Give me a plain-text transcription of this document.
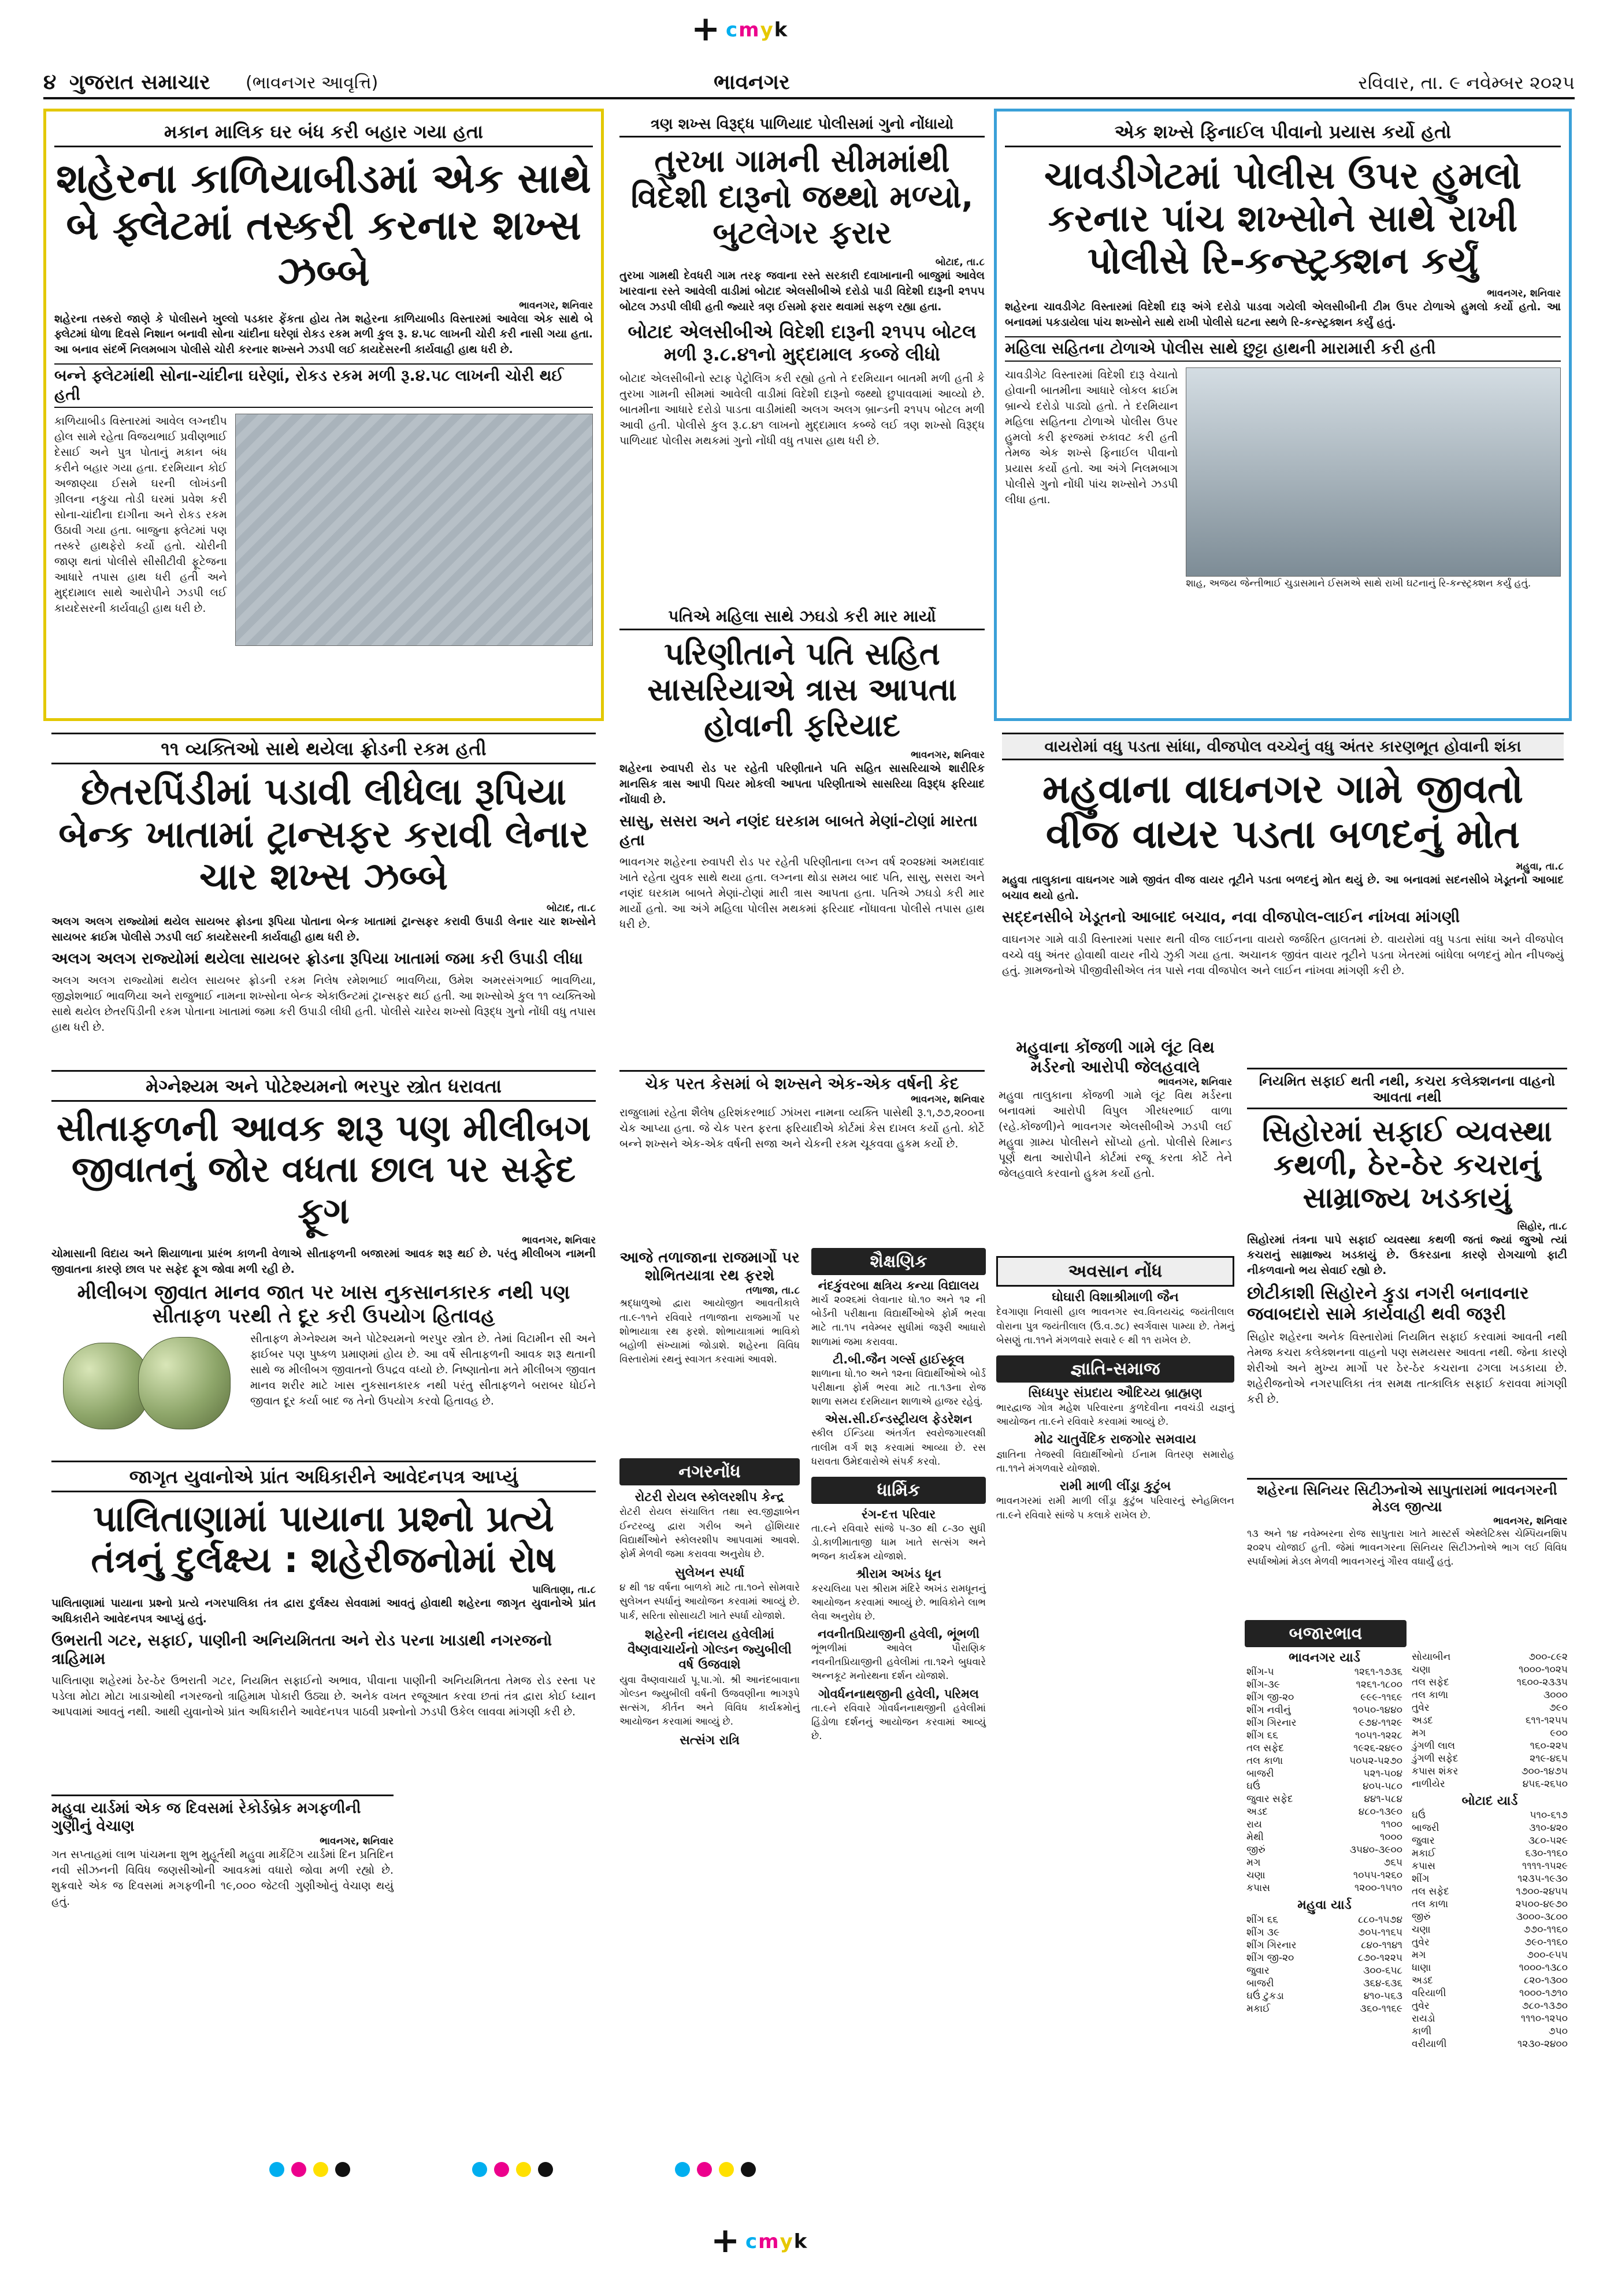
+ cmyk
૪ ગુજરાત સમાચાર (ભાવનગર આવૃત્તિ)	ભાવનગર	રવિવાર, તા. ૯ નવેમ્બર ૨૦૨૫
મકાન માલિક ઘર બંધ કરી બહાર ગયા હતા
શહેરના કાળિયાબીડમાં એક સાથે બે ફ્લેટમાં તસ્કરી કરનાર શખ્સ ઝબ્બે
ભાવનગર, શનિવાર
શહેરના તસ્કરો જાણે કે પોલીસને ખુલ્લો પડકાર ફેંકતા હોય તેમ શહેરના કાળિયાબીડ વિસ્તારમાં આવેલા એક સાથે બે ફ્લેટમાં ધોળા દિવસે નિશાન બનાવી સોના ચાંદીના ઘરેણાં રોકડ રકમ મળી કુલ રૂ. ૪.૫૮ લાખની ચોરી કરી નાસી ગયા હતા. આ બનાવ સંદર્ભે નિલમબાગ પોલીસે ચોરી કરનાર શખ્સને ઝડપી લઈ કાયદેસરની કાર્યવાહી હાથ ધરી છે.
બન્ને ફ્લેટમાંથી સોના-ચાંદીના ઘરેણાં, રોકડ રકમ મળી રૂ.૪.૫૮ લાખની ચોરી થઈ હતી
કાળિયાબીડ વિસ્તારમાં આવેલ લગ્નદીપ હોલ સામે રહેતા વિજયભાઈ પ્રવીણભાઈ દેસાઈ અને પુત્ર પોતાનું મકાન બંધ કરીને બહાર ગયા હતા. દરમિયાન કોઈ અજાણ્યા ઈસમે ઘરની લોખંડની ગ્રીલના નકુચા તોડી ઘરમાં પ્રવેશ કરી સોના-ચાંદીના દાગીના અને રોકડ રકમ ઉઠાવી ગયા હતા. બાજુના ફ્લેટમાં પણ તસ્કરે હાથફેરો કર્યો હતો. ચોરીની જાણ થતાં પોલીસે સીસીટીવી ફૂટેજના આધારે તપાસ હાથ ધરી હતી અને મુદ્દામાલ સાથે આરોપીને ઝડપી લઈ કાયદેસરની કાર્યવાહી હાથ ધરી છે.
ત્રણ શખ્સ વિરૂદ્ધ પાળિયાદ પોલીસમાં ગુનો નોંધાયો
તુરખા ગામની સીમમાંથી વિદેશી દારૂનો જથ્થો મળ્યો, બુટલેગર ફરાર
બોટાદ, તા.૮
તુરખા ગામથી દેવધરી ગામ તરફ જવાના રસ્તે સરકારી દવાખાનાની બાજુમાં આવેલ ખારવાના રસ્તે આવેલી વાડીમાં બોટાદ એલસીબીએ દરોડો પાડી વિદેશી દારૂની ૨૧૫૫ બોટલ ઝડપી લીધી હતી જ્યારે ત્રણ ઈસમો ફરાર થવામાં સફળ રહ્યા હતા.
બોટાદ એલસીબીએ વિદેશી દારૂની ૨૧૫૫ બોટલ મળી રૂ.૮.૪૧નો મુદ્દામાલ કબ્જે લીધો
બોટાદ એલસીબીનો સ્ટાફ પેટ્રોલિંગ કરી રહ્યો હતો તે દરમિયાન બાતમી મળી હતી કે તુરખા ગામની સીમમાં આવેલી વાડીમાં વિદેશી દારૂનો જથ્થો છુપાવવામાં આવ્યો છે. બાતમીના આધારે દરોડો પાડતા વાડીમાંથી અલગ અલગ બ્રાન્ડની ૨૧૫૫ બોટલ મળી આવી હતી. પોલીસે કુલ રૂ.૮.૪૧ લાખનો મુદ્દામાલ કબ્જે લઈ ત્રણ શખ્સો વિરૂદ્ધ પાળિયાદ પોલીસ મથકમાં ગુનો નોંધી વધુ તપાસ હાથ ધરી છે.
એક શખ્સે ફિનાઈલ પીવાનો પ્રયાસ કર્યો હતો
ચાવડીગેટમાં પોલીસ ઉપર હુમલો કરનાર પાંચ શખ્સોને સાથે રાખી પોલીસે રિ-કન્સ્ટ્રક્શન કર્યું
ભાવનગર, શનિવાર
શહેરના ચાવડીગેટ વિસ્તારમાં વિદેશી દારૂ અંગે દરોડો પાડવા ગયેલી એલસીબીની ટીમ ઉપર ટોળાએ હુમલો કર્યો હતો. આ બનાવમાં પકડાયેલા પાંચ શખ્સોને સાથે રાખી પોલીસે ઘટના સ્થળે રિ-કન્સ્ટ્રક્શન કર્યું હતું.
મહિલા સહિતના ટોળાએ પોલીસ સાથે છુટ્ટા હાથની મારામારી કરી હતી
ચાવડીગેટ વિસ્તારમાં વિદેશી દારૂ વેચાતો હોવાની બાતમીના આધારે લોકલ ક્રાઈમ બ્રાન્ચે દરોડો પાડ્યો હતો. તે દરમિયાન મહિલા સહિતના ટોળાએ પોલીસ ઉપર હુમલો કરી ફરજમાં રુકાવટ કરી હતી તેમજ એક શખ્સે ફિનાઈલ પીવાનો પ્રયાસ કર્યો હતો. આ અંગે નિલમબાગ પોલીસે ગુનો નોંધી પાંચ શખ્સોને ઝડપી લીધા હતા.
શાહ, અજય જેન્તીભાઈ ચુડાસમાને ઈસમએ સાથે રાખી ઘટનાનું રિ-કન્સ્ટ્રક્શન કર્યું હતું.
૧૧ વ્યક્તિઓ સાથે થયેલા ફ્રોડની રકમ હતી
છેતરપિંડીમાં પડાવી લીધેલા રૂપિયા બેન્ક ખાતામાં ટ્રાન્સફર કરાવી લેનાર ચાર શખ્સ ઝબ્બે
બોટાદ, તા.૮
અલગ અલગ રાજ્યોમાં થયેલ સાયબર ફ્રોડના રૂપિયા પોતાના બેન્ક ખાતામાં ટ્રાન્સફર કરાવી ઉપાડી લેનાર ચાર શખ્સોને સાયબર ક્રાઈમ પોલીસે ઝડપી લઈ કાયદેસરની કાર્યવાહી હાથ ધરી છે.
અલગ અલગ રાજ્યોમાં થયેલા સાયબર ફ્રોડના રૂપિયા ખાતામાં જમા કરી ઉપાડી લીધા
અલગ અલગ રાજ્યોમાં થયેલ સાયબર ફ્રોડની રકમ નિલેષ રમેશભાઈ ભાવળિયા, ઉમેશ અમરસંગભાઈ ભાવળિયા, જીજ્ઞેશભાઈ ભાવળિયા અને રાજુભાઈ નામના શખ્સોના બેન્ક એકાઉન્ટમાં ટ્રાન્સફર થઈ હતી. આ શખ્સોએ કુલ ૧૧ વ્યક્તિઓ સાથે થયેલ છેતરપિંડીની રકમ પોતાના ખાતામાં જમા કરી ઉપાડી લીધી હતી. પોલીસે ચારેય શખ્સો વિરૂદ્ધ ગુનો નોંધી વધુ તપાસ હાથ ધરી છે.
પતિએ મહિલા સાથે ઝઘડો કરી માર માર્યો
પરિણીતાને પતિ સહિત સાસરિયાએ ત્રાસ આપતા હોવાની ફરિયાદ
ભાવનગર, શનિવાર
શહેરના રુવાપરી રોડ પર રહેતી પરિણીતાને પતિ સહિત સાસરિયાએ શારીરિક માનસિક ત્રાસ આપી પિયર મોકલી આપતા પરિણીતાએ સાસરિયા વિરૂદ્ધ ફરિયાદ નોંધાવી છે.
સાસુ, સસરા અને નણંદ ઘરકામ બાબતે મેણાં-ટોણાં મારતા હતા
ભાવનગર શહેરના રુવાપરી રોડ પર રહેતી પરિણીતાના લગ્ન વર્ષ ૨૦૨૪માં અમદાવાદ ખાતે રહેતા યુવક સાથે થયા હતા. લગ્નના થોડા સમય બાદ પતિ, સાસુ, સસરા અને નણંદ ઘરકામ બાબતે મેણાં-ટોણાં મારી ત્રાસ આપતા હતા. પતિએ ઝઘડો કરી માર માર્યો હતો. આ અંગે મહિલા પોલીસ મથકમાં ફરિયાદ નોંધાવતા પોલીસે તપાસ હાથ ધરી છે.
વાયરોમાં વધુ પડતા સાંધા, વીજપોલ વચ્ચેનું વધુ અંતર કારણભૂત હોવાની શંકા
મહુવાના વાઘનગર ગામે જીવતો વીજ વાયર પડતા બળદનું મોત
મહુવા, તા.૮
મહુવા તાલુકાના વાઘનગર ગામે જીવંત વીજ વાયર તૂટીને પડતા બળદનું મોત થયું છે. આ બનાવમાં સદનસીબે ખેડૂતનો આબાદ બચાવ થયો હતો.
સદ્દનસીબે ખેડૂતનો આબાદ બચાવ, નવા વીજપોલ-લાઈન નાંખવા માંગણી
વાઘનગર ગામે વાડી વિસ્તારમાં પસાર થતી વીજ લાઈનના વાયરો જર્જરિત હાલતમાં છે. વાયરોમાં વધુ પડતા સાંધા અને વીજપોલ વચ્ચે વધુ અંતર હોવાથી વાયર નીચે ઝુકી ગયા હતા. અચાનક જીવંત વાયર તૂટીને પડતા ખેતરમાં બાંધેલા બળદનું મોત નીપજ્યું હતું. ગ્રામજનોએ પીજીવીસીએલ તંત્ર પાસે નવા વીજપોલ અને લાઈન નાંખવા માંગણી કરી છે.
મહુવાના કોંજળી ગામે લૂંટ વિથ મર્ડરનો આરોપી જેલહવાલે
ભાવનગર, શનિવાર
મહુવા તાલુકાના કોંજળી ગામે લૂંટ વિથ મર્ડરના બનાવમાં આરોપી વિપુલ ગીરધરભાઈ વાળા (રહે.કોંજળી)ને ભાવનગર એલસીબીએ ઝડપી લઈ મહુવા ગ્રામ્ય પોલીસને સોંપ્યો હતો. પોલીસે રિમાન્ડ પૂર્ણ થતા આરોપીને કોર્ટમાં રજૂ કરતા કોર્ટે તેને જેલહવાલે કરવાનો હુકમ કર્યો હતો.
નિયમિત સફાઈ થતી નથી, કચરા કલેક્શનના વાહનો આવતા નથી
સિહોરમાં સફાઈ વ્યવસ્થા કથળી, ઠેર-ઠેર કચરાનું સામ્રાજ્ય ખડકાયું
સિહોર, તા.૮
સિહોરમાં તંત્રના પાપે સફાઈ વ્યવસ્થા કથળી જતાં જ્યાં જુઓ ત્યાં કચરાનું સામ્રાજ્ય ખડકાયું છે. ઉકરડાના કારણે રોગચાળો ફાટી નીકળવાનો ભય સેવાઈ રહ્યો છે.
છોટીકાશી સિહોરને કુડા નગરી બનાવનાર જવાબદારો સામે કાર્યવાહી થવી જરૂરી
સિહોર શહેરના અનેક વિસ્તારોમાં નિયમિત સફાઈ કરવામાં આવતી નથી તેમજ કચરા કલેક્શનના વાહનો પણ સમયસર આવતા નથી. જેના કારણે શેરીઓ અને મુખ્ય માર્ગો પર ઠેર-ઠેર કચરાના ઢગલા ખડકાયા છે. શહેરીજનોએ નગરપાલિકા તંત્ર સમક્ષ તાત્કાલિક સફાઈ કરાવવા માંગણી કરી છે.
મેગ્નેશ્યમ અને પોટેશ્યમનો ભરપુર સ્ત્રોત ધરાવતા
સીતાફળની આવક શરૂ પણ મીલીબગ જીવાતનું જોર વધતા છાલ પર સફેદ ફૂગ
ભાવનગર, શનિવાર
ચોમાસાની વિદાય અને શિયાળાના પ્રારંભ કાળની વેળાએ સીતાફળની બજારમાં આવક શરૂ થઈ છે. પરંતુ મીલીબગ નામની જીવાતના કારણે છાલ પર સફેદ ફૂગ જોવા મળી રહી છે.
મીલીબગ જીવાત માનવ જાત પર ખાસ નુકસાનકારક નથી પણ સીતાફળ પરથી તે દૂર કરી ઉપયોગ હિતાવહ
સીતાફળ મેગ્નેશ્યમ અને પોટેશ્યમનો ભરપુર સ્ત્રોત છે. તેમાં વિટામીન સી અને ફાઈબર પણ પુષ્કળ પ્રમાણમાં હોય છે. આ વર્ષે સીતાફળની આવક શરૂ થતાની સાથે જ મીલીબગ જીવાતનો ઉપદ્રવ વધ્યો છે. નિષ્ણાતોના મતે મીલીબગ જીવાત માનવ શરીર માટે ખાસ નુકસાનકારક નથી પરંતુ સીતાફળને બરાબર ધોઈને જીવાત દૂર કર્યા બાદ જ તેનો ઉપયોગ કરવો હિતાવહ છે.
જાગૃત યુવાનોએ પ્રાંત અધિકારીને આવેદનપત્ર આપ્યું
પાલિતાણામાં પાયાના પ્રશ્નો પ્રત્યે તંત્રનું દુર્લક્ષ્ય : શહેરીજનોમાં રોષ
પાલિતાણા, તા.૮
પાલિતાણામાં પાયાના પ્રશ્નો પ્રત્યે નગરપાલિકા તંત્ર દ્વારા દુર્લક્ષ્ય સેવવામાં આવતું હોવાથી શહેરના જાગૃત યુવાનોએ પ્રાંત અધિકારીને આવેદનપત્ર આપ્યું હતું.
ઉભરાતી ગટર, સફાઈ, પાણીની અનિયમિતતા અને રોડ પરના ખાડાથી નગરજનો ત્રાહિમામ
પાલિતાણા શહેરમાં ઠેર-ઠેર ઉભરાતી ગટર, નિયમિત સફાઈનો અભાવ, પીવાના પાણીની અનિયમિતતા તેમજ રોડ રસ્તા પર પડેલા મોટા મોટા ખાડાઓથી નગરજનો ત્રાહિમામ પોકારી ઉઠ્યા છે. અનેક વખત રજૂઆત કરવા છતાં તંત્ર દ્વારા કોઈ ધ્યાન આપવામાં આવતું નથી. આથી યુવાનોએ પ્રાંત અધિકારીને આવેદનપત્ર પાઠવી પ્રશ્નોનો ઝડપી ઉકેલ લાવવા માંગણી કરી છે.
મહુવા યાર્ડમાં એક જ દિવસમાં રેકોર્ડબ્રેક મગફળીની ગુણીનું વેચાણ
ભાવનગર, શનિવાર
ગત સપ્તાહમાં લાભ પાંચમના શુભ મુહૂર્તથી મહુવા માર્કેટિંગ યાર્ડમાં દિન પ્રતિદિન નવી સીઝનની વિવિધ જણસીઓની આવકમાં વધારો જોવા મળી રહ્યો છે. શુક્રવારે એક જ દિવસમાં મગફળીની ૧૯,૦૦૦ જેટલી ગુણીઓનું વેચાણ થયું હતું.
ચેક પરત કેસમાં બે શખ્સને એક-એક વર્ષની કેદ
ભાવનગર, શનિવાર
રાજુલામાં રહેતા શૈલેષ હરિશંકરભાઈ ઝાંખરા નામના વ્યક્તિ પાસેથી રૂ.૧,૭૭,૨૦૦ના ચેક આપ્યા હતા. જે ચેક પરત ફરતા ફરિયાદીએ કોર્ટમાં કેસ દાખલ કર્યો હતો. કોર્ટે બન્ને શખ્સને એક-એક વર્ષની સજા અને ચેકની રકમ ચૂકવવા હુકમ કર્યો છે.
આજે તળાજાના રાજમાર્ગો પર શોભિતયાત્રા રથ ફરશે
તળાજા, તા.૮
શ્રદ્ધાળુઓ દ્વારા આયોજીત આવતીકાલે તા.૯-૧૧ને રવિવારે તળાજાના રાજમાર્ગો પર શોભાયાત્રા રથ ફરશે. શોભાયાત્રામાં ભાવિકો બહોળી સંખ્યામાં જોડાશે. શહેરના વિવિધ વિસ્તારોમાં રથનું સ્વાગત કરવામાં આવશે.
નગરનોંધ
રોટરી રોયલ સ્કોલરશીપ કેન્દ્ર
રોટરી રોયલ સંચાલિત તથા સ્વ.જીજ્ઞાબેન ઈન્ટરવ્યુ દ્વારા ગરીબ અને હોંશિયાર વિદ્યાર્થીઓને સ્કોલરશીપ આપવામાં આવશે. ફોર્મ મેળવી જમા કરાવવા અનુરોધ છે.
સુલેખન સ્પર્ધા
૪ થી ૧૪ વર્ષના બાળકો માટે તા.૧૦ને સોમવારે સુલેખન સ્પર્ધાનું આયોજન કરવામાં આવ્યું છે. પાર્ક, સરિતા સોસાયટી ખાતે સ્પર્ધા યોજાશે.
શહેરની નંદાલય હવેલીમાં વૈષ્ણવાચાર્યનો ગોલ્ડન જ્યુબીલી વર્ષ ઉજવાશે
યુવા વૈષ્ણવાચાર્ય પૂ.પા.ગો. શ્રી આનંદબાવાના ગોલ્ડન જ્યુબીલી વર્ષની ઉજવણીના ભાગરૂપે સત્સંગ, કીર્તન અને વિવિધ કાર્યક્રમોનું આયોજન કરવામાં આવ્યું છે.
સત્સંગ રાત્રિ
શૈક્ષણિક
નંદકુંવરબા ક્ષત્રિય કન્યા વિદ્યાલય
માર્ચ ૨૦૨૬માં લેવાનાર ધો.૧૦ અને ૧૨ ની બોર્ડની પરીક્ષાના વિદ્યાર્થીઓએ ફોર્મ ભરવા માટે તા.૧૫ નવેમ્બર સુધીમાં જરૂરી આધારો શાળામાં જમા કરાવવા.
ટી.બી.જૈન ગર્લ્સ હાઈસ્કૂલ
શાળાના ધો.૧૦ અને ૧૨ના વિદ્યાર્થીઓએ બોર્ડ પરીક્ષાના ફોર્મ ભરવા માટે તા.૧૩ના રોજ શાળા સમય દરમિયાન શાળાએ હાજર રહેવું.
એસ.સી.ઈન્ડસ્ટ્રીયલ ફેડરેશન
સ્કીલ ઈન્ડિયા અંતર્ગત સ્વરોજગારલક્ષી તાલીમ વર્ગ શરૂ કરવામાં આવ્યા છે. રસ ધરાવતા ઉમેદવારોએ સંપર્ક કરવો.
ધાર્મિક
રંગ-દત્ત પરિવાર
તા.૯ને રવિવારે સાંજે ૫-૩૦ થી ૮-૩૦ સુધી ડો.કાળીમાતાજી ધામ ખાતે સત્સંગ અને ભજન કાર્યક્રમ યોજાશે.
શ્રીરામ અખંડ ધૂન
કરચલિયા પરા શ્રીરામ મંદિરે અખંડ રામધૂનનું આયોજન કરવામાં આવ્યું છે. ભાવિકોને લાભ લેવા અનુરોધ છે.
નવનીતપ્રિયાજીની હવેલી, ભૂંભળી
ભૂંભળીમાં આવેલ પૌરાણિક નવનીતપ્રિયાજીની હવેલીમાં તા.૧૨ને બુધવારે અન્નકૂટ મનોરથના દર્શન યોજાશે.
ગોવર્ધનનાથજીની હવેલી, પરિમલ
તા.૯ને રવિવારે ગોવર્ધનનાથજીની હવેલીમાં હિંડોળા દર્શનનું આયોજન કરવામાં આવ્યું છે.
અવસાન નોંધ
ઘોઘારી વિશાશ્રીમાળી જૈન
દેવગાણા નિવાસી હાલ ભાવનગર સ્વ.વિનયચંદ્ર જયંતીલાલ વોરાના પુત્ર જયંતીલાલ (ઉ.વ.૭૮) સ્વર્ગવાસ પામ્યા છે. તેમનું બેસણું તા.૧૧ને મંગળવારે સવારે ૯ થી ૧૧ રાખેલ છે.
જ્ઞાતિ-સમાજ
સિધ્ધપુર સંપ્રદાય ઔદિચ્ય બ્રાહ્મણ
ભારદ્વાજ ગોત્ર મહેશ પરિવારના કુળદેવીના નવચંડી યજ્ઞનું આયોજન તા.૯ને રવિવારે કરવામાં આવ્યું છે.
મોઢ ચાતુર્વેદિક રાજગોર સમવાય
જ્ઞાતિના તેજસ્વી વિદ્યાર્થીઓનો ઈનામ વિતરણ સમારોહ તા.૧૧ને મંગળવારે યોજાશે.
રામી માળી લીંડ્રા કુટુંબ
ભાવનગરમાં રામી માળી લીંડ્રા કુટુંબ પરિવારનું સ્નેહમિલન તા.૯ને રવિવારે સાંજે ૫ કલાકે રાખેલ છે.
શહેરના સિનિયર સિટીઝનોએ સાપુતારામાં ભાવનગરની મેડલ જીત્યા
ભાવનગર, શનિવાર
૧૩ અને ૧૪ નવેમ્બરના રોજ સાપુતારા ખાતે માસ્ટર્સ એથ્લેટિક્સ ચેમ્પિયનશિપ ૨૦૨૫ યોજાઈ હતી. જેમાં ભાવનગરના સિનિયર સિટીઝનોએ ભાગ લઈ વિવિધ સ્પર્ધાઓમાં મેડલ મેળવી ભાવનગરનું ગૌરવ વધાર્યું હતું.
બજારભાવ
ભાવનગર યાર્ડ
શીંગ-૫	૧૨૬૧-૧૭૩૬
શીંગ-૩૯	૧૨૬૧-૧૮૦૦
શીંગ જી-૨૦	૯૯૯-૧૧૬૯
શીંગ નવીનું	૧૦૫૦-૧૪૪૦
શીંગ ગિરનાર	૯૭૪-૧૧૨૯
શીંગ ૬૬	૧૦૫૧-૧૨૨૮
તલ સફેદ	૧૯૨૬-૨૪૯૦
તલ કાળા	૫૦૫૨-૫૨૭૦
બાજરી	૫૨૧-૫૦૪
ઘઉં	૪૦૫-૫૮૦
જુવાર સફેદ	૪૪૧-૫૮૪
અડદ	૪૮૦-૧૩૯૦
રાય	૧૧૦૦
મેથી	૧૦૦૦
જીરું	૩૫૪૦-૩૯૦૦
મગ	૭૬૫
ચણા	૧૦૫૫-૧૨૬૦
કપાસ	૧૨૦૦-૧૫૧૦
મહુવા યાર્ડ
શીંગ ૬૬	૮૮૦-૧૫૭૪
શીંગ ૩૯	૭૦૫-૧૧૬૫
શીંગ ગિરનાર	૮૪૦-૧૧૪૧
શીંગ જી-૨૦	૮૭૦-૧૨૨૫
જુવાર	૩૦૦-૬૫૮
બાજરી	૩૬૪-૬૩૬
ઘઉં ટુકડા	૪૧૦-૫૬૩
મકાઈ	૩૬૦-૧૧૬૯
સોયાબીન	૭૦૦-૮૯૨
ચણા	૧૦૦૦-૧૦૨૫
તલ સફેદ	૧૬૦૦-૨૩૩૫
તલ કાળા	૩૦૦૦
તુવેર	૭૯૦
અડદ	૬૧૧-૧૨૫૫
મગ	૯૦૦
ડુંગળી લાલ	૧૬૦-૨૨૫
ડુંગળી સફેદ	૨૧૯-૪૬૫
કપાસ શંકર	૭૦૦-૧૪૭૫
નાળીયેર	૪૫૬-૨૬૫૦
બોટાદ યાર્ડ
ઘઉં	૫૧૦-૬૧૭
બાજરી	૩૧૦-૪૨૦
જુવાર	૩૮૦-૫૨૯
મકાઈ	૬૩૦-૧૧૬૦
કપાસ	૧૧૧૧-૧૫૨૯
શીંગ	૧૨૩૫-૧૯૩૦
તલ સફેદ	૧૭૦૦-૨૪૫૫
તલ કાળા	૨૫૦૦-૪૯૭૦
જીરું	૩૦૦૦-૩૮૦૦
ચણા	૭૭૦-૧૧૬૦
તુવેર	૭૯૦-૧૧૬૦
મગ	૭૦૦-૯૫૫
ધાણા	૧૦૦૦-૧૩૮૦
અડદ	૮૨૦-૧૩૦૦
વરિયાળી	૧૦૦૦-૧૭૧૦
તુવેર	૭૮૦-૧૩૭૦
રાયડો	૧૧૧૦-૧૨૫૦
કાળી	૭૫૦
વરીયાળી	૧૨૩૦-૨૪૦૦

+ cmyk
